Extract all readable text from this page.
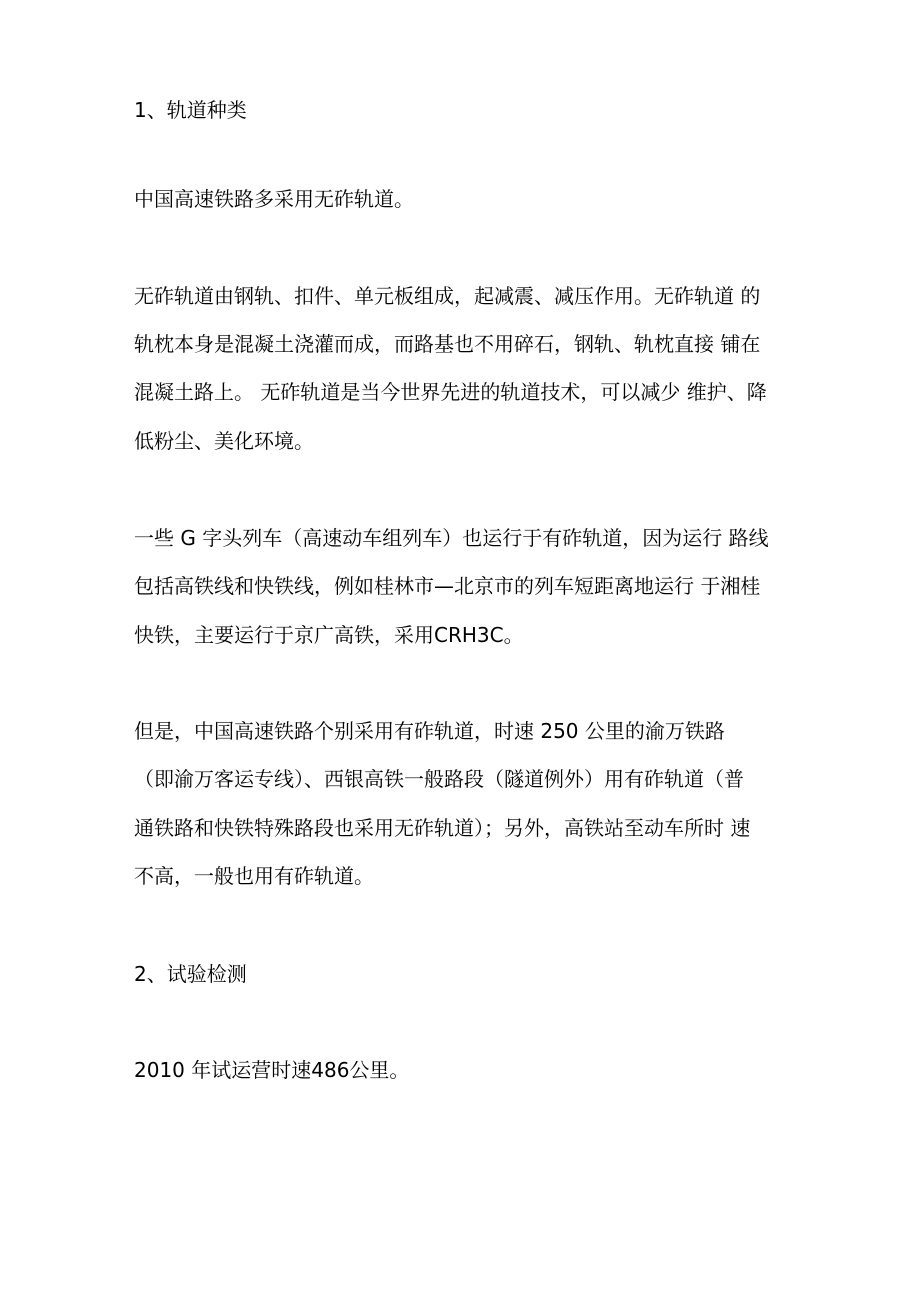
1、轨道种类
中国高速铁路多采用无砟轨道。
无砟轨道由钢轨、扣件、单元板组成，起减震、减压作用。无砟轨道 的
轨枕本身是混凝土浇灌而成，而路基也不用碎石，钢轨、轨枕直接 铺在
混凝土路上。 无砟轨道是当今世界先进的轨道技术，可以减少 维护、降
低粉尘、美化环境。
一些 G 字头列车（高速动车组列车）也运行于有砟轨道，因为运行 路线
包括高铁线和快铁线，例如桂林市—北京市的列车短距离地运行 于湘桂
快铁，主要运行于京广高铁，采用CRH3C。
但是，中国高速铁路个别采用有砟轨道，时速 250 公里的渝万铁路
（即渝万客运专线）、西银高铁一般路段（隧道例外）用有砟轨道（普
通铁路和快铁特殊路段也采用无砟轨道）；另外，高铁站至动车所时 速
不高，一般也用有砟轨道。
2、试验检测
2010 年试运营时速486公里。
